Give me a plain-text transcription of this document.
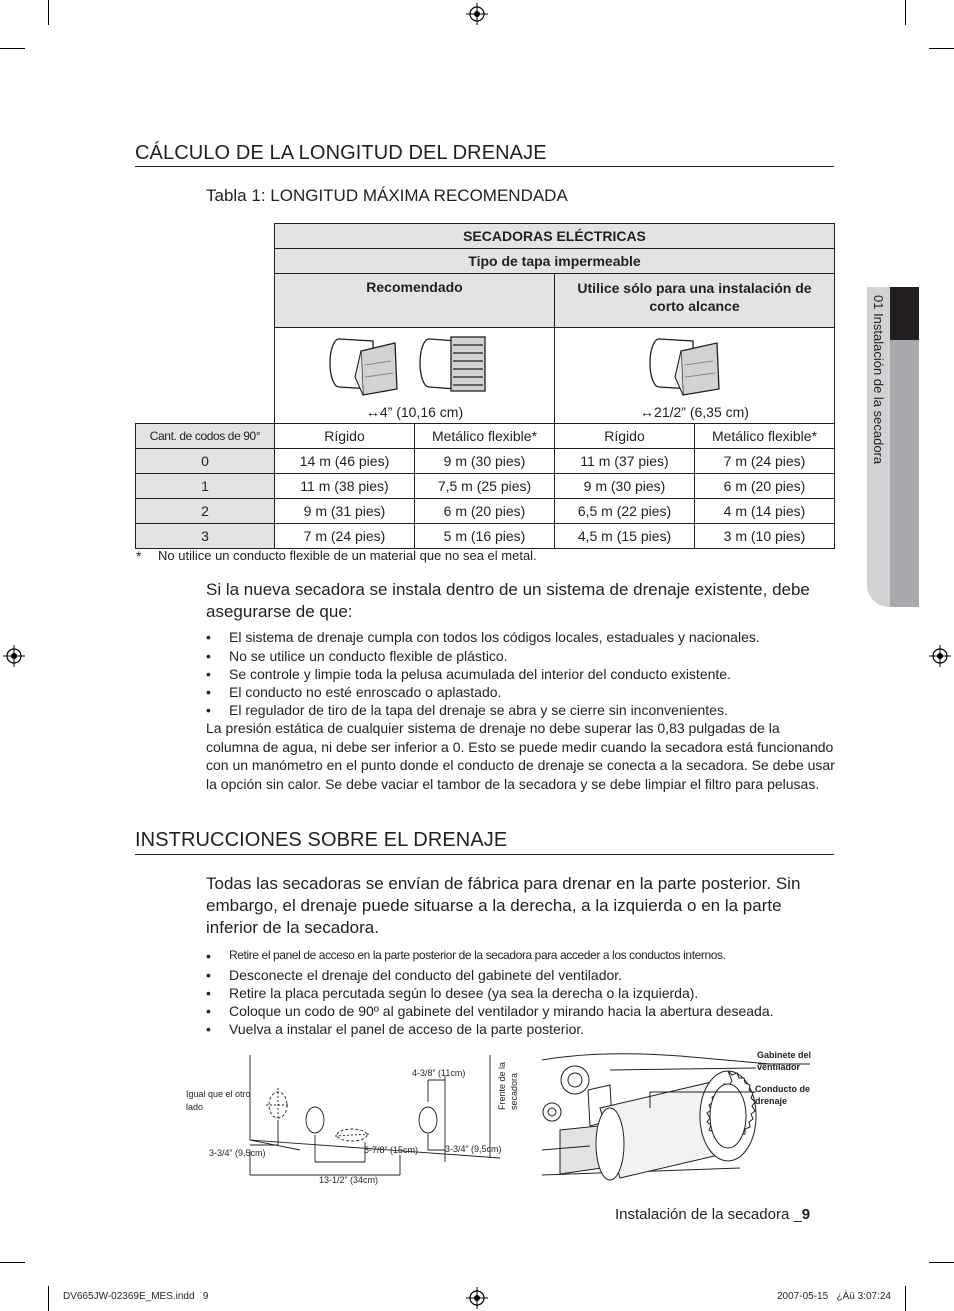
01 Instalación de la secadora
CÁLCULO DE LA LONGITUD DEL DRENAJE
Tabla 1: LONGITUD MÁXIMA RECOMENDADA
	SECADORAS ELÉCTRICAS			
	Tipo de tapa impermeable			
	Recomendado		Utilice sólo para una instalación de corto alcance	

↔4” (10,16 cm)		↔21/2” (6,35 cm)	
Cant. de codos de 90°	Rígido	Metálico flexible*	Rígido	Metálico flexible*
0	14 m (46 pies)	9 m (30 pies)	11 m (37 pies)	7 m (24 pies)
1	11 m (38 pies)	7,5 m (25 pies)	9 m (30 pies)	6 m (20 pies)
2	9 m (31 pies)	6 m (20 pies)	6,5 m (22 pies)	4 m (14 pies)
3	7 m (24 pies)	5 m (16 pies)	4,5 m (15 pies)	3 m (10 pies)
* No utilice un conducto flexible de un material que no sea el metal.
Si la nueva secadora se instala dentro de un sistema de drenaje existente, debe asegurarse de que:
• El sistema de drenaje cumpla con todos los códigos locales, estaduales y nacionales.
• No se utilice un conducto flexible de plástico.
• Se controle y limpie toda la pelusa acumulada del interior del conducto existente.
• El conducto no esté enroscado o aplastado.
• El regulador de tiro de la tapa del drenaje se abra y se cierre sin inconvenientes.
La presión estática de cualquier sistema de drenaje no debe superar las 0,83 pulgadas de la columna de agua, ni debe ser inferior a 0. Esto se puede medir cuando la secadora está funcionando con un manómetro en el punto donde el conducto de drenaje se conecta a la secadora. Se debe usar la opción sin calor. Se debe vaciar el tambor de la secadora y se debe limpiar el filtro para pelusas.
INSTRUCCIONES SOBRE EL DRENAJE
Todas las secadoras se envían de fábrica para drenar en la parte posterior. Sin embargo, el drenaje puede situarse a la derecha, a la izquierda o en la parte inferior de la secadora.
• Retire el panel de acceso en la parte posterior de la secadora para acceder a los conductos internos.
• Desconecte el drenaje del conducto del gabinete del ventilador.
• Retire la placa percutada según lo desee (ya sea la derecha o la izquierda).
• Coloque un codo de 90º al gabinete del ventilador y mirando hacia la abertura deseada.
• Vuelva a instalar el panel de acceso de la parte posterior.
Igual que el otro lado
4-3/8” (11cm)	Frente de la secadora
3-3/4” (9,5cm)	5-7/8” (15cm)	3-3/4” (9,5cm)
13-1/2” (34cm)
Gabinete del ventilador
Conducto de drenaje
Instalación de la secadora _9
DV665JW-02369E_MES.indd   9	2007-05-15   ¿Àü 3:07:24
